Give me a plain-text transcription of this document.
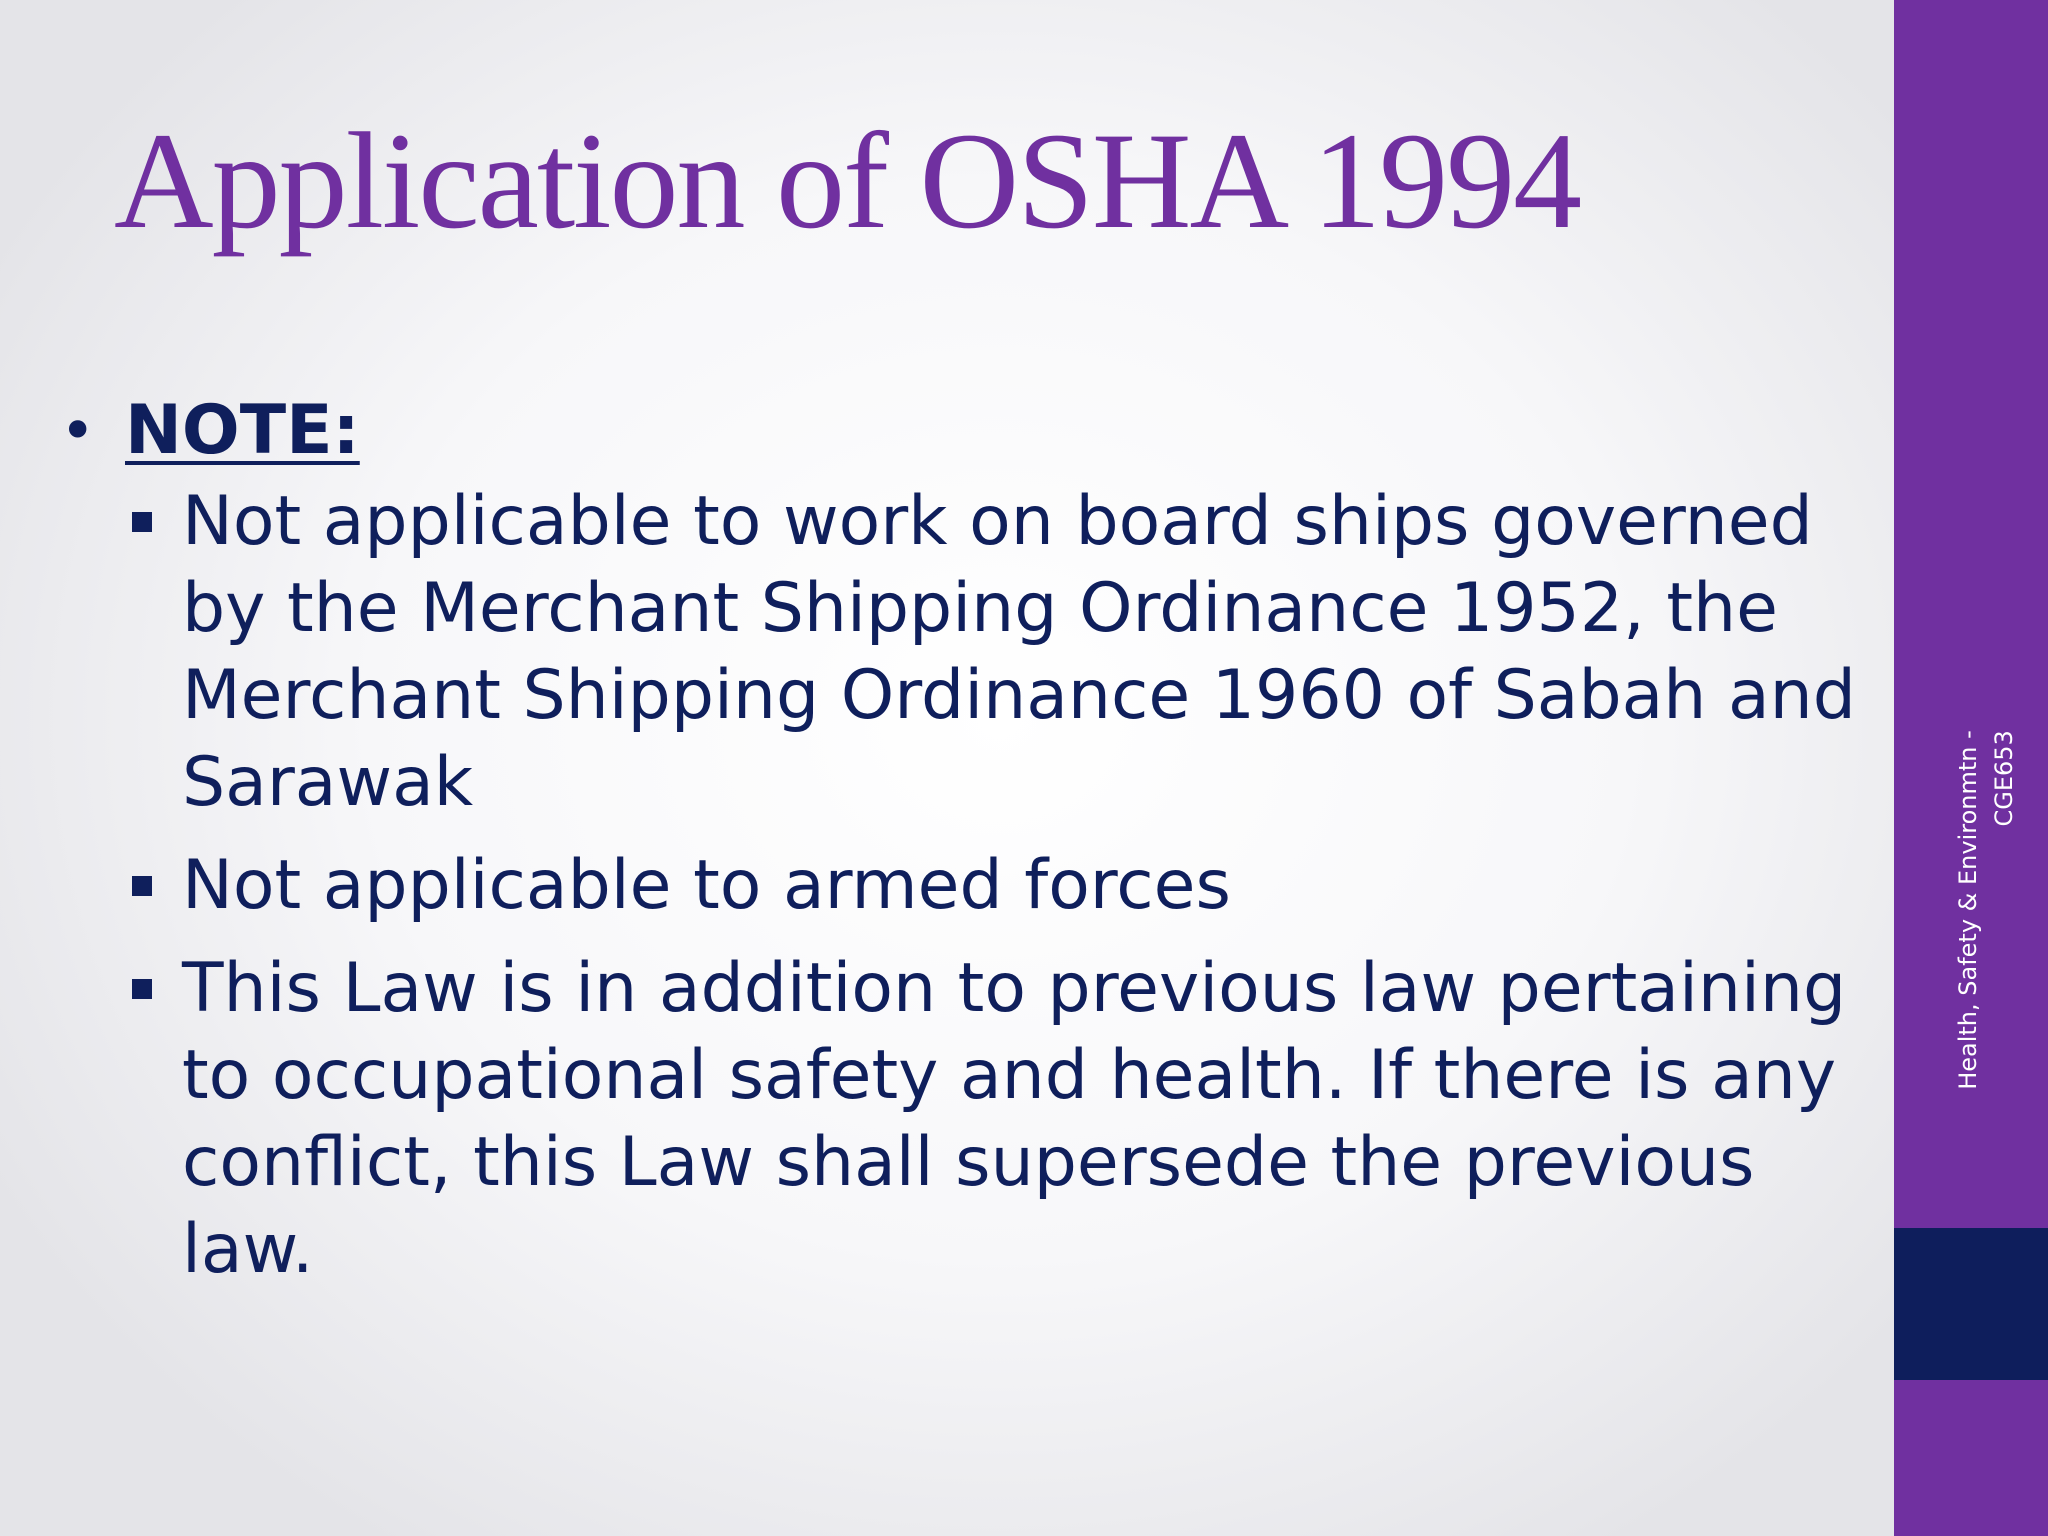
Application of OSHA 1994
• NOTE:
Not applicable to work on board ships governed by the Merchant Shipping Ordinance 1952, the Merchant Shipping Ordinance 1960 of Sabah and Sarawak
Not applicable to armed forces
This Law is in addition to previous law pertaining to occupational safety and health. If there is any conflict, this Law shall supersede the previous law.
Health, Safety & Environmtn - CGE653
